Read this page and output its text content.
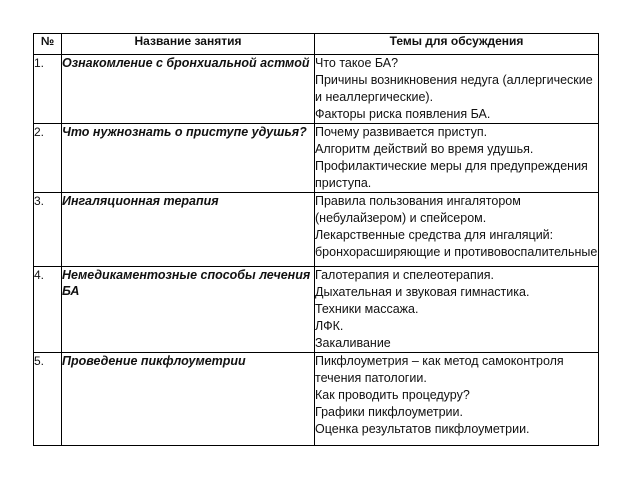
№	Название занятия	Темы для обсуждения
1.	Ознакомление с бронхиальной астмой	Что такое БА?
Причины возникновения недуга (аллергические и неаллергические).
Факторы риска появления БА.

2.	Что нужнознать о приступе удушья?	Почему развивается приступ.
Алгоритм действий во время удушья.
Профилактические меры для предупреждения приступа.

3.	Ингаляционная терапия	Правила пользования ингалятором (небулайзером) и спейсером.
Лекарственные средства для ингаляций: бронхорасширяющие и противовоспалительные

4.	Немедикаментозные способы лечения БА	Галотерапия и спелеотерапия.
Дыхательная и звуковая гимнастика.
Техники массажа.
ЛФК.
Закаливание

5.	Проведение пикфлоуметрии	Пикфлоуметрия – как метод самоконтроля течения патологии.
Как проводить процедуру?
Графики пикфлоуметрии.
Оценка результатов пикфлоуметрии.
